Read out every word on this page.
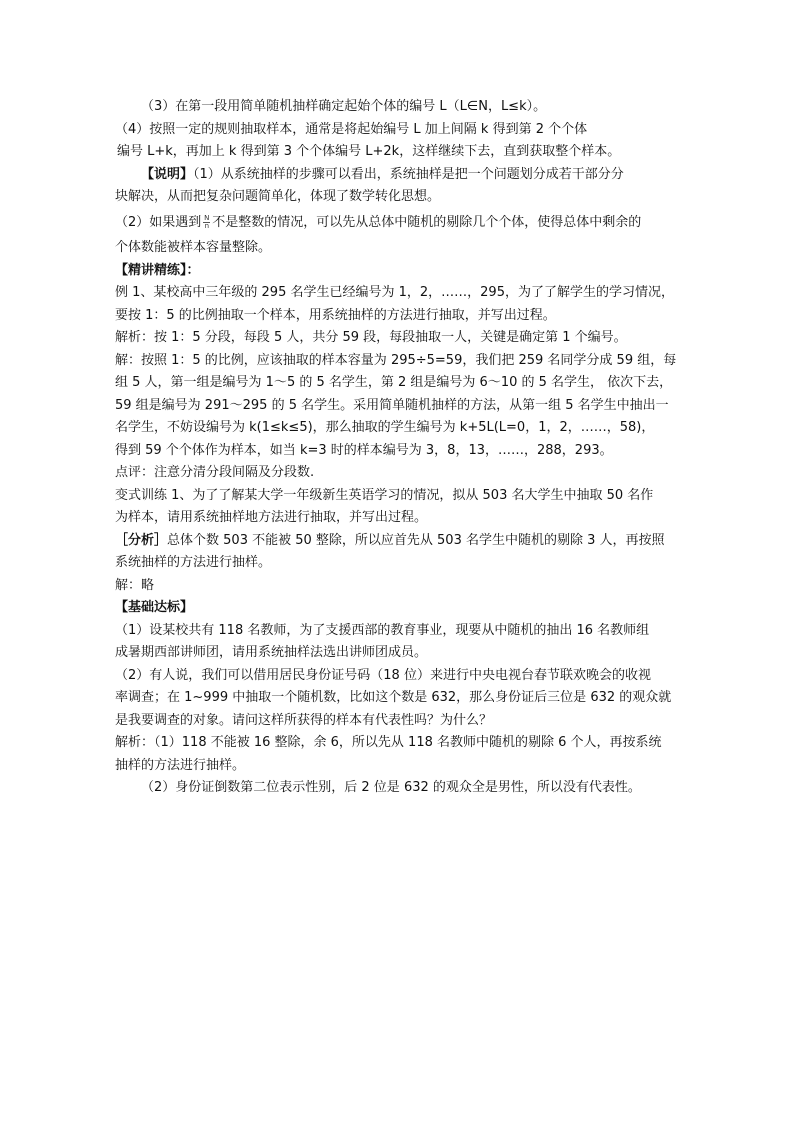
（3）在第一段用简单随机抽样确定起始个体的编号 L（L∈N，L≤k）。

（4）按照一定的规则抽取样本，通常是将起始编号 L 加上间隔 k 得到第 2 个个体

编号 L+k，再加上 k 得到第 3 个个体编号 L+2k，这样继续下去，直到获取整个样本。

【说明】（1）从系统抽样的步骤可以看出，系统抽样是把一个问题划分成若干部分分

块解决，从而把复杂问题简单化，体现了数学转化思想。

（2）如果遇到 $\frac{N}{n}$ 不是整数的情况，可以先从总体中随机的剔除几个个体，使得总体中剩余的

个体数能被样本容量整除。

【精讲精练】：

例 1、某校高中三年级的 295 名学生已经编号为 1，2，……，295，为了了解学生的学习情况，

要按 1：5 的比例抽取一个样本，用系统抽样的方法进行抽取，并写出过程。

解析：按 1：5 分段，每段 5 人，共分 59 段，每段抽取一人，关键是确定第 1 个编号。

解：按照 1：5 的比例，应该抽取的样本容量为 295÷5=59，我们把 259 名同学分成 59 组，每

组 5 人，第一组是编号为 1～5 的 5 名学生，第 2 组是编号为 6～10 的 5 名学生， 依次下去，

59 组是编号为 291～295 的 5 名学生。采用简单随机抽样的方法，从第一组 5 名学生中抽出一

名学生，不妨设编号为 k(1≤k≤5)，那么抽取的学生编号为 k+5L(L=0，1，2，……，58)，

得到 59 个个体作为样本，如当 k=3 时的样本编号为 3，8，13，……，288，293。

点评：注意分清分段间隔及分段数.

变式训练 1、为了了解某大学一年级新生英语学习的情况，拟从 503 名大学生中抽取 50 名作

为样本，请用系统抽样地方法进行抽取，并写出过程。

［分析］总体个数 503 不能被 50 整除，所以应首先从 503 名学生中随机的剔除 3 人，再按照

系统抽样的方法进行抽样。

解：略

【基础达标】

（1）设某校共有 118 名教师，为了支援西部的教育事业，现要从中随机的抽出 16 名教师组

成暑期西部讲师团，请用系统抽样法选出讲师团成员。

（2）有人说，我们可以借用居民身份证号码（18 位）来进行中央电视台春节联欢晚会的收视

率调查；在 1~999 中抽取一个随机数，比如这个数是 632，那么身份证后三位是 632 的观众就

是我要调查的对象。请问这样所获得的样本有代表性吗？为什么？

解析：（1）118 不能被 16 整除，余 6，所以先从 118 名教师中随机的剔除 6 个人，再按系统

抽样的方法进行抽样。

（2）身份证倒数第二位表示性别，后 2 位是 632 的观众全是男性，所以没有代表性。
